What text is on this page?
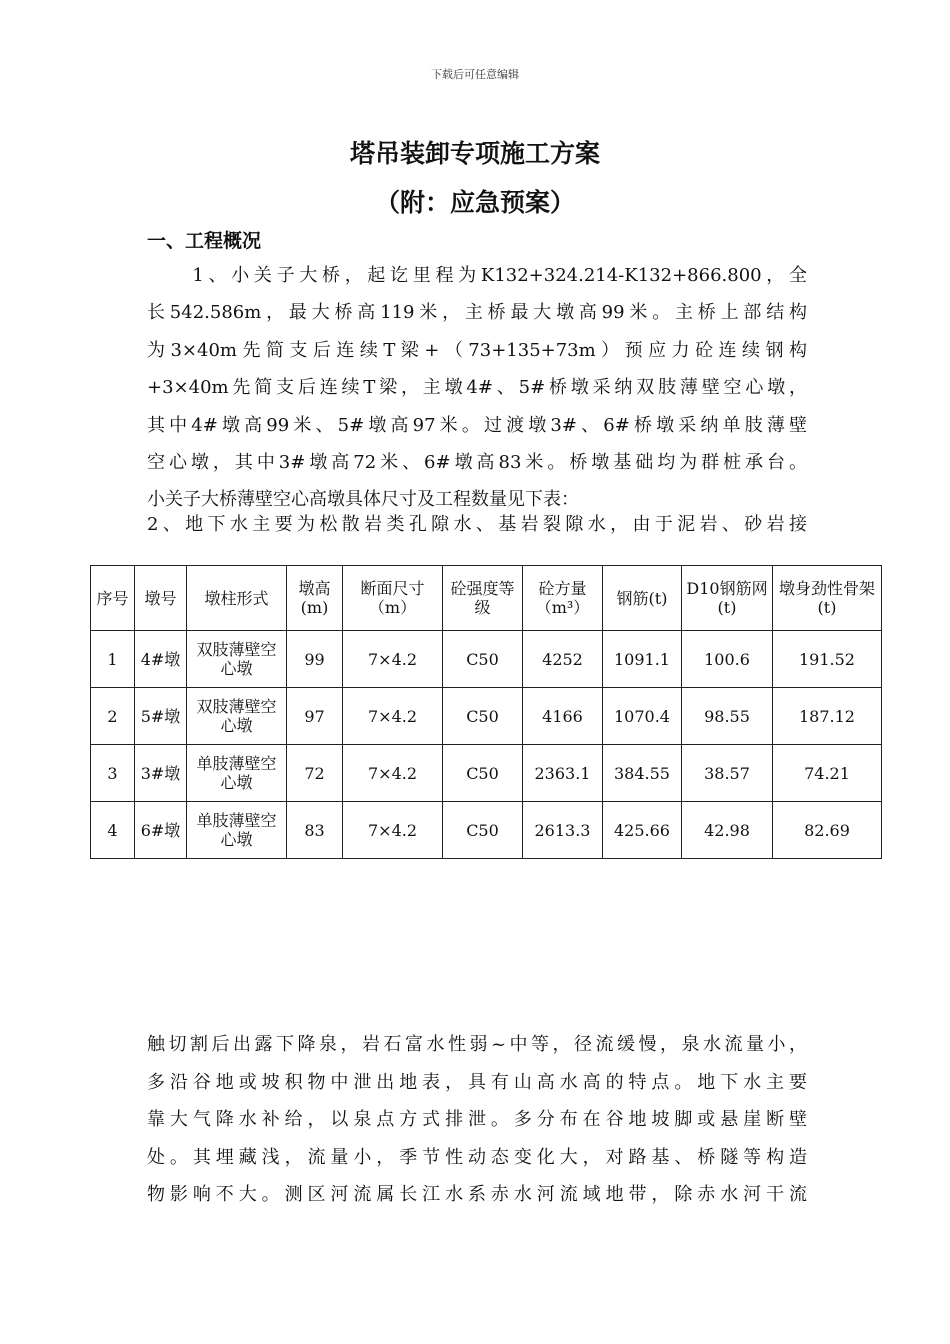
下载后可任意编辑
塔吊装卸专项施工方案
（附：应急预案）
一、工程概况
　　1、小关子大桥，起讫里程为K132+324.214-K132+866.800，全
长542.586m，最大桥高119米，主桥最大墩高99米。主桥上部结构
为3×40m先简支后连续T梁+（73+135+73m）预应力砼连续钢构
+3×40m先简支后连续T梁，主墩4#、5#桥墩采纳双肢薄壁空心墩，
其中4#墩高99米、5#墩高97米。过渡墩3#、6#桥墩采纳单肢薄壁
空心墩，其中3#墩高72米、6#墩高83米。桥墩基础均为群桩承台。
小关子大桥薄壁空心高墩具体尺寸及工程数量见下表：
2、地下水主要为松散岩类孔隙水、基岩裂隙水，由于泥岩、砂岩接
序号	墩号	墩柱形式	墩高(m)	断面尺寸（m）	砼强度等级	砼方量（m³）	钢筋(t)	D10钢筋网(t)	墩身劲性骨架(t)
1	4#墩	双肢薄壁空心墩	99	7×4.2	C50	4252	1091.1	100.6	191.52
2	5#墩	双肢薄壁空心墩	97	7×4.2	C50	4166	1070.4	98.55	187.12
3	3#墩	单肢薄壁空心墩	72	7×4.2	C50	2363.1	384.55	38.57	74.21
4	6#墩	单肢薄壁空心墩	83	7×4.2	C50	2613.3	425.66	42.98	82.69
触切割后出露下降泉，岩石富水性弱~中等，径流缓慢，泉水流量小，
多沿谷地或坡积物中泄出地表，具有山高水高的特点。地下水主要
靠大气降水补给，以泉点方式排泄。多分布在谷地坡脚或悬崖断壁
处。其埋藏浅，流量小，季节性动态变化大，对路基、桥隧等构造
物影响不大。测区河流属长江水系赤水河流域地带，除赤水河干流
